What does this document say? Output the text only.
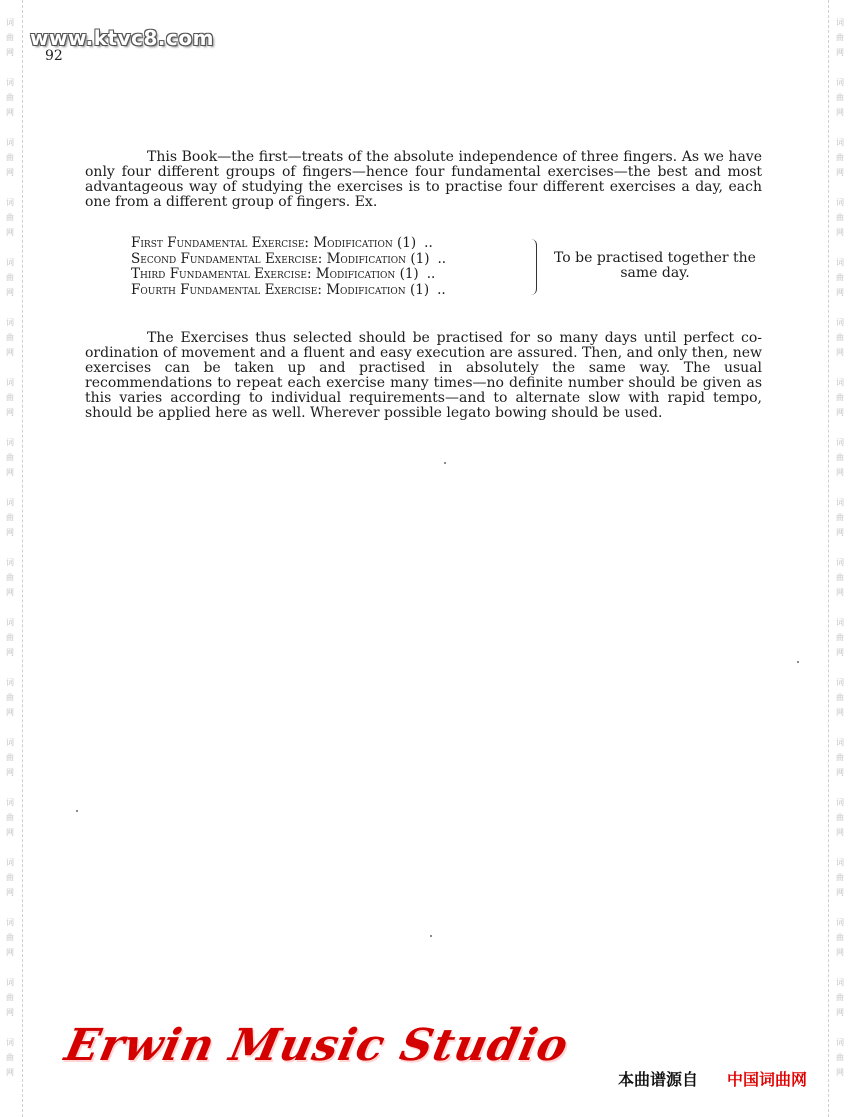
词
曲
网
词
曲
网
词
曲
网
词
曲
网
词
曲
网
词
曲
网
词
曲
网
词
曲
网
词
曲
网
词
曲
网
词
曲
网
词
曲
网
词
曲
网
词
曲
网
词
曲
网
词
曲
网
词
曲
网
词
曲
网
词
曲
网
词
曲
网
词
曲
网
词
曲
网
词
曲
网
词
曲
网
词
曲
网
词
曲
网
词
曲
网
词
曲
网
词
曲
网
词
曲
网
词
曲
网
词
曲
网
词
曲
网
词
曲
网
词
曲
网
词
曲
网
www.ktvc8.com
92
This Book—the first—treats of the absolute independence of three fingers. As we have only four different groups of fingers—hence four fundamental exercises—the best and most advantageous way of studying the exercises is to practise four different exercises a day, each one from a different group of fingers. Ex.
First Fundamental Exercise: Modification (1) ..
Second Fundamental Exercise: Modification (1) ..
Third Fundamental Exercise: Modification (1) ..
Fourth Fundamental Exercise: Modification (1) ..
To be practised together the
same day.
The Exercises thus selected should be practised for so many days until perfect co-ordination of movement and a fluent and easy execution are assured. Then, and only then, new exercises can be taken up and practised in absolutely the same way. The usual recommendations to repeat each exercise many times—no definite number should be given as this varies according to individual requirements—and to alternate slow with rapid tempo, should be applied here as well. Wherever possible legato bowing should be used.
Erwin Music Studio
本曲谱源自 中国词曲网
